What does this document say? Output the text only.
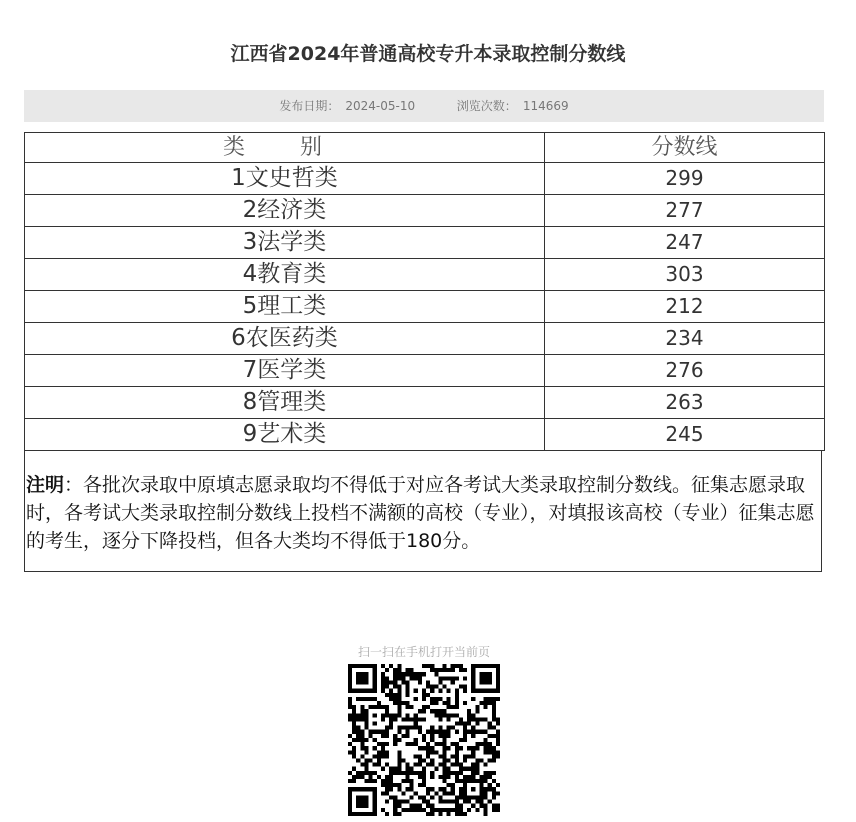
江西省2024年普通高校专升本录取控制分数线
发布日期： 2024-05-10	浏览次数： 114669
类 别	分数线
1文史哲类	299
2经济类	277
3法学类	247
4教育类	303
5理工类	212
6农医药类	234
7医学类	276
8管理类	263
9艺术类	245
注明：各批次录取中原填志愿录取均不得低于对应各考试大类录取控制分数线。征集志愿录取时，各考试大类录取控制分数线上投档不满额的高校（专业），对填报该高校（专业）征集志愿的考生，逐分下降投档，但各大类均不得低于180分。
扫一扫在手机打开当前页
